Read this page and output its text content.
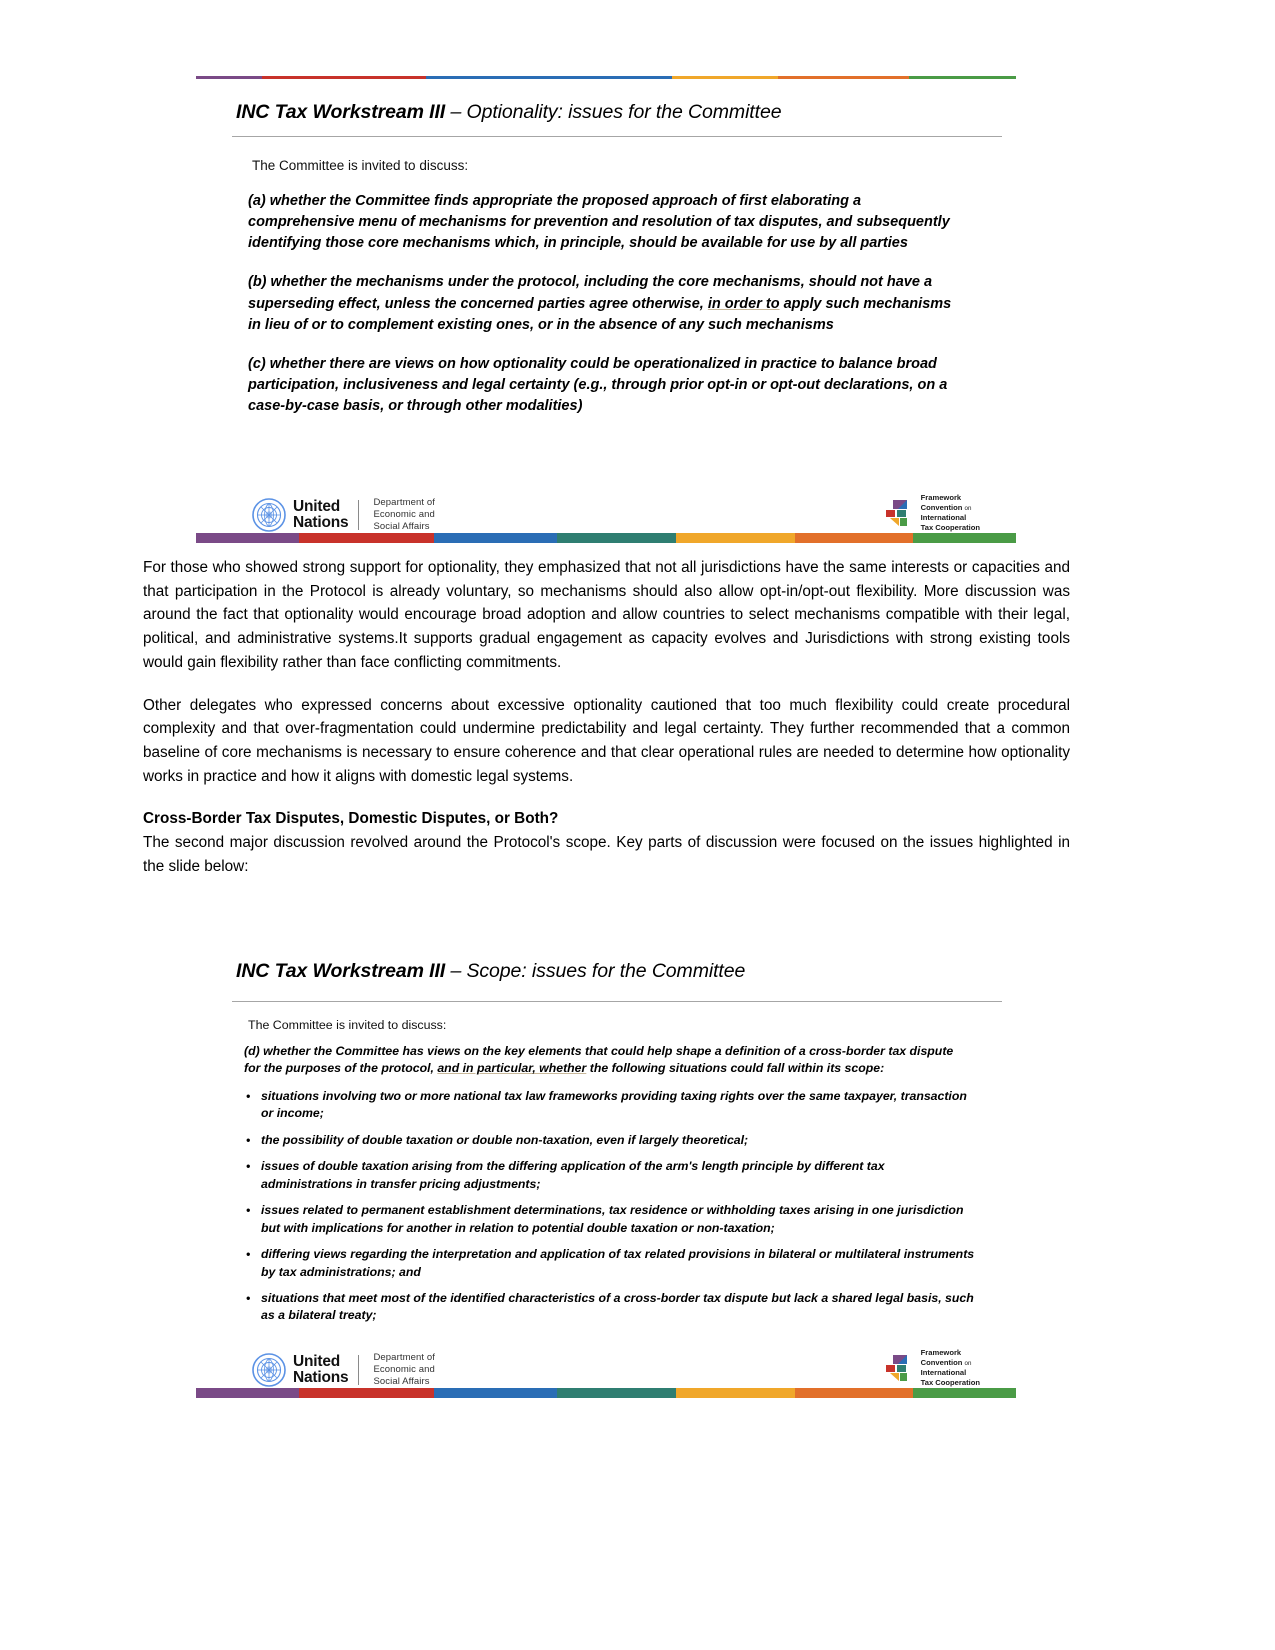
INC Tax Workstream III – Optionality: issues for the Committee
The Committee is invited to discuss:
(a) whether the Committee finds appropriate the proposed approach of first elaborating a comprehensive menu of mechanisms for prevention and resolution of tax disputes, and subsequently identifying those core mechanisms which, in principle, should be available for use by all parties
(b) whether the mechanisms under the protocol, including the core mechanisms, should not have a superseding effect, unless the concerned parties agree otherwise, in order to apply such mechanisms in lieu of or to complement existing ones, or in the absence of any such mechanisms
(c) whether there are views on how optionality could be operationalized in practice to balance broad participation, inclusiveness and legal certainty (e.g., through prior opt-in or opt-out declarations, on a case-by-case basis, or through other modalities)
United
Nations
Department of
Economic and
Social Affairs
Framework
Convention on
International
Tax Cooperation

For those who showed strong support for optionality, they emphasized that not all jurisdictions have the same interests or capacities and that participation in the Protocol is already voluntary, so mechanisms should also allow opt-in/opt-out flexibility. More discussion was around the fact that optionality would encourage broad adoption and allow countries to select mechanisms compatible with their legal, political, and administrative systems.It supports gradual engagement as capacity evolves and Jurisdictions with strong existing tools would gain flexibility rather than face conflicting commitments.

Other delegates who expressed concerns about excessive optionality cautioned that too much flexibility could create procedural complexity and that over-fragmentation could undermine predictability and legal certainty. They further recommended that a common baseline of core mechanisms is necessary to ensure coherence and that clear operational rules are needed to determine how optionality works in practice and how it aligns with domestic legal systems.

Cross-Border Tax Disputes, Domestic Disputes, or Both?

The second major discussion revolved around the Protocol's scope. Key parts of discussion were focused on the issues highlighted in the slide below:

INC Tax Workstream III – Scope: issues for the Committee
The Committee is invited to discuss:
(d) whether the Committee has views on the key elements that could help shape a definition of a cross-border tax dispute for the purposes of the protocol, and in particular, whether the following situations could fall within its scope:
• situations involving two or more national tax law frameworks providing taxing rights over the same taxpayer, transaction or income;
• the possibility of double taxation or double non-taxation, even if largely theoretical;
• issues of double taxation arising from the differing application of the arm's length principle by different tax administrations in transfer pricing adjustments;
• issues related to permanent establishment determinations, tax residence or withholding taxes arising in one jurisdiction but with implications for another in relation to potential double taxation or non-taxation;
• differing views regarding the interpretation and application of tax related provisions in bilateral or multilateral instruments by tax administrations; and
• situations that meet most of the identified characteristics of a cross-border tax dispute but lack a shared legal basis, such as a bilateral treaty;
United
Nations
Department of
Economic and
Social Affairs
Framework
Convention on
International
Tax Cooperation
